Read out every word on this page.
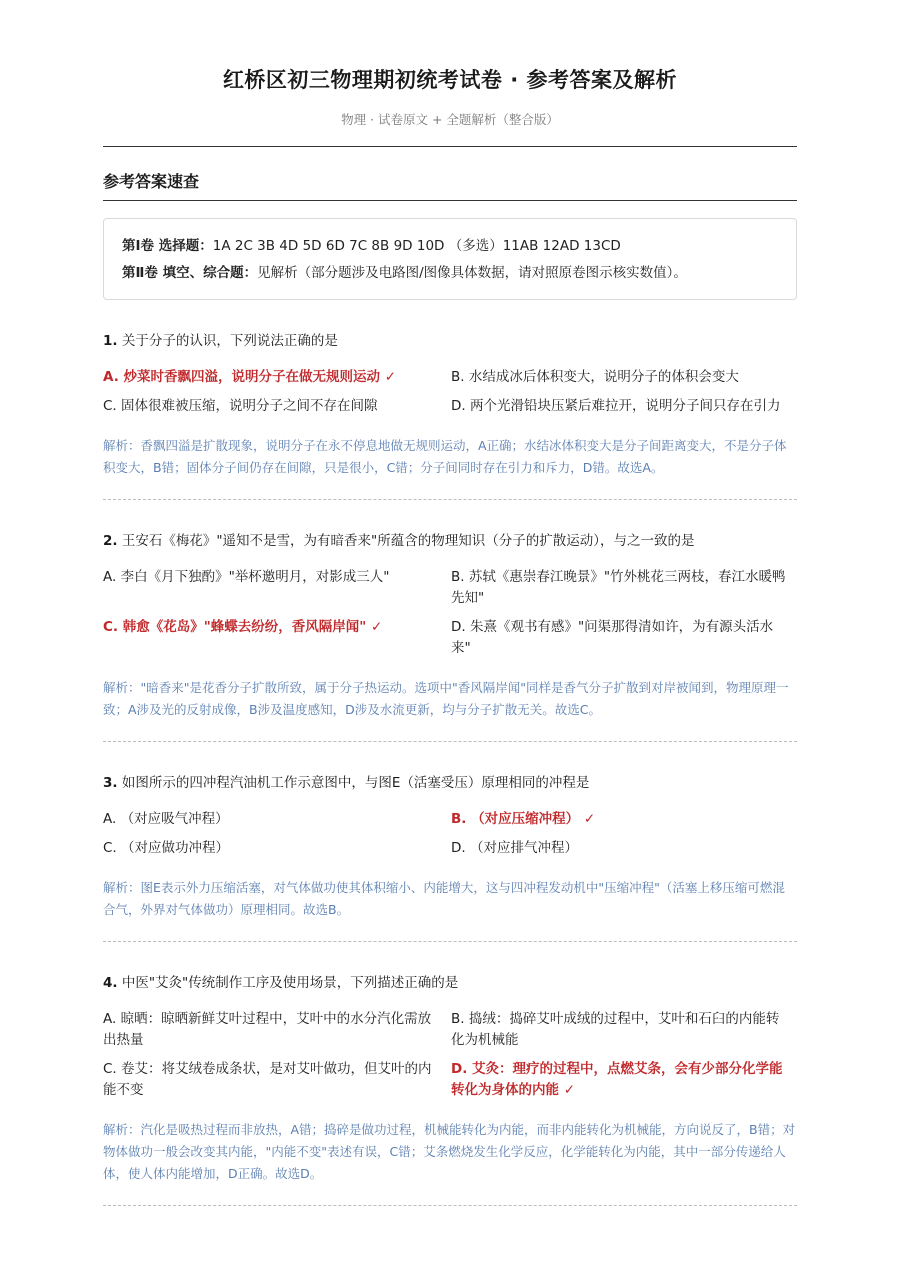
红桥区初三物理期初统考试卷 · 参考答案及解析
物理 · 试卷原文 + 全题解析（整合版）
参考答案速查
第Ⅰ卷 选择题：1A 2C 3B 4D 5D 6D 7C 8B 9D 10D （多选）11AB 12AD 13CD
第Ⅱ卷 填空、综合题：见解析（部分题涉及电路图/图像具体数据，请对照原卷图示核实数值）。
1. 关于分子的认识，下列说法正确的是
A. 炒菜时香飘四溢，说明分子在做无规则运动 ✓	B. 水结成冰后体积变大，说明分子的体积会变大
C. 固体很难被压缩，说明分子之间不存在间隙	D. 两个光滑铅块压紧后难拉开，说明分子间只存在引力
解析：香飘四溢是扩散现象，说明分子在永不停息地做无规则运动，A正确；水结冰体积变大是分子间距离变大，不是分子体积变大，B错；固体分子间仍存在间隙，只是很小，C错；分子间同时存在引力和斥力，D错。故选A。
2. 王安石《梅花》"遥知不是雪，为有暗香来"所蕴含的物理知识（分子的扩散运动），与之一致的是
A. 李白《月下独酌》"举杯邀明月，对影成三人"	B. 苏轼《惠崇春江晚景》"竹外桃花三两枝，春江水暖鸭先知"
C. 韩愈《花岛》"蜂蝶去纷纷，香风隔岸闻" ✓	D. 朱熹《观书有感》"问渠那得清如许，为有源头活水来"
解析："暗香来"是花香分子扩散所致，属于分子热运动。选项中"香风隔岸闻"同样是香气分子扩散到对岸被闻到，物理原理一致；A涉及光的反射成像，B涉及温度感知，D涉及水流更新，均与分子扩散无关。故选C。
3. 如图所示的四冲程汽油机工作示意图中，与图E（活塞受压）原理相同的冲程是
A. （对应吸气冲程）	B. （对应压缩冲程） ✓
C. （对应做功冲程）	D. （对应排气冲程）
解析：图E表示外力压缩活塞，对气体做功使其体积缩小、内能增大，这与四冲程发动机中"压缩冲程"（活塞上移压缩可燃混合气，外界对气体做功）原理相同。故选B。
4. 中医"艾灸"传统制作工序及使用场景，下列描述正确的是
A. 晾晒：晾晒新鲜艾叶过程中，艾叶中的水分汽化需放出热量
B. 捣绒：捣碎艾叶成绒的过程中，艾叶和石臼的内能转化为机械能
C. 卷艾：将艾绒卷成条状，是对艾叶做功，但艾叶的内能不变
D. 艾灸：理疗的过程中，点燃艾条，会有少部分化学能转化为身体的内能 ✓
解析：汽化是吸热过程而非放热，A错；捣碎是做功过程，机械能转化为内能，而非内能转化为机械能，方向说反了，B错；对物体做功一般会改变其内能，"内能不变"表述有误，C错；艾条燃烧发生化学反应，化学能转化为内能，其中一部分传递给人体，使人体内能增加，D正确。故选D。
